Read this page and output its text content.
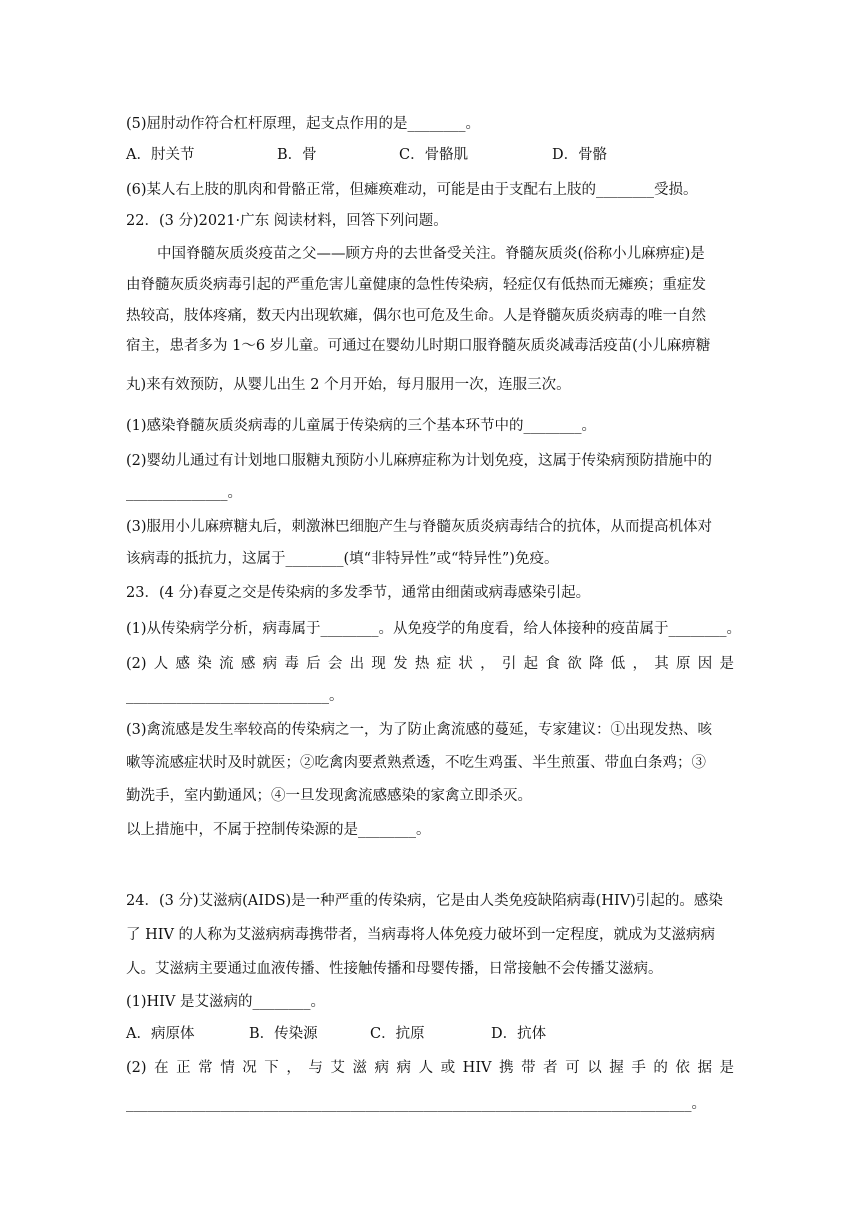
(5)屈肘动作符合杠杆原理，起支点作用的是________。
A．肘关节	B．骨	C．骨骼肌	D．骨骼
(6)某人右上肢的肌肉和骨骼正常，但瘫痪难动，可能是由于支配右上肢的________受损。
22．(3 分)2021·广东 阅读材料，回答下列问题。
中国脊髓灰质炎疫苗之父——顾方舟的去世备受关注。脊髓灰质炎(俗称小儿麻痹症)是
由脊髓灰质炎病毒引起的严重危害儿童健康的急性传染病，轻症仅有低热而无瘫痪；重症发
热较高，肢体疼痛，数天内出现软瘫，偶尔也可危及生命。人是脊髓灰质炎病毒的唯一自然
宿主，患者多为 1～6 岁儿童。可通过在婴幼儿时期口服脊髓灰质炎减毒活疫苗(小儿麻痹糖
丸)来有效预防，从婴儿出生 2 个月开始，每月服用一次，连服三次。
(1)感染脊髓灰质炎病毒的儿童属于传染病的三个基本环节中的________。
(2)婴幼儿通过有计划地口服糖丸预防小儿麻痹症称为计划免疫，这属于传染病预防措施中的
______________。
(3)服用小儿麻痹糖丸后，刺激淋巴细胞产生与脊髓灰质炎病毒结合的抗体，从而提高机体对
该病毒的抵抗力，这属于________(填“非特异性”或“特异性”)免疫。
23．(4 分)春夏之交是传染病的多发季节，通常由细菌或病毒感染引起。
(1)从传染病学分析，病毒属于________。从免疫学的角度看，给人体接种的疫苗属于________。
(2)人感染流感病毒后会出现发热症状，引起食欲降低，其原因是
____________________________。
(3)禽流感是发生率较高的传染病之一，为了防止禽流感的蔓延，专家建议：①出现发热、咳
嗽等流感症状时及时就医；②吃禽肉要煮熟煮透，不吃生鸡蛋、半生煎蛋、带血白条鸡；③
勤洗手，室内勤通风；④一旦发现禽流感感染的家禽立即杀灭。
以上措施中，不属于控制传染源的是________。
24．(3 分)艾滋病(AIDS)是一种严重的传染病，它是由人类免疫缺陷病毒(HIV)引起的。感染
了 HIV 的人称为艾滋病病毒携带者，当病毒将人体免疫力破坏到一定程度，就成为艾滋病病
人。艾滋病主要通过血液传播、性接触传播和母婴传播，日常接触不会传播艾滋病。
(1)HIV 是艾滋病的________。
A．病原体	B．传染源	C．抗原	D．抗体
(2)在正常情况下，与艾滋病病人或HIV携带者可以握手的依据是
______________________________________________________________________________。
